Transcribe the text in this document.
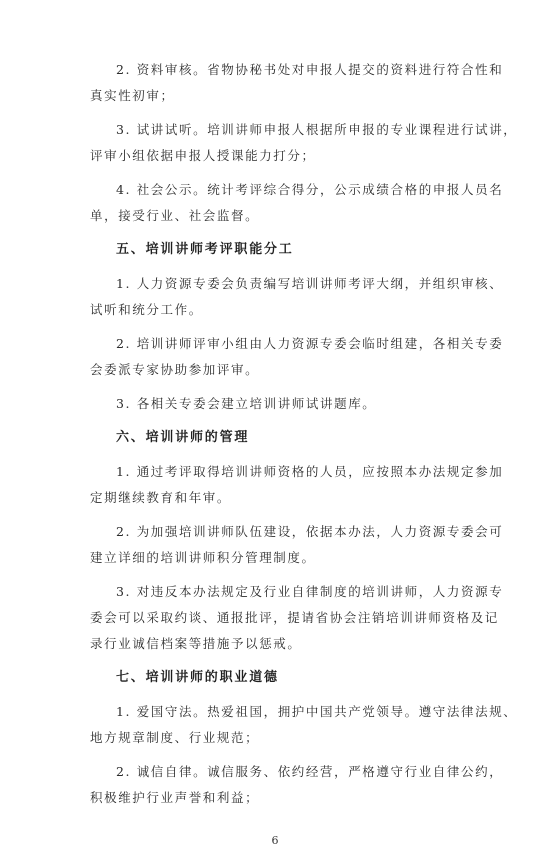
2. 资料审核。省物协秘书处对申报人提交的资料进行符合性和
真实性初审；
3. 试讲试听。培训讲师申报人根据所申报的专业课程进行试讲，
评审小组依据申报人授课能力打分；
4. 社会公示。统计考评综合得分，公示成绩合格的申报人员名
单，接受行业、社会监督。
五、培训讲师考评职能分工
1. 人力资源专委会负责编写培训讲师考评大纲，并组织审核、
试听和统分工作。
2. 培训讲师评审小组由人力资源专委会临时组建，各相关专委
会委派专家协助参加评审。
3. 各相关专委会建立培训讲师试讲题库。
六、培训讲师的管理
1. 通过考评取得培训讲师资格的人员，应按照本办法规定参加
定期继续教育和年审。
2. 为加强培训讲师队伍建设，依据本办法，人力资源专委会可
建立详细的培训讲师积分管理制度。
3. 对违反本办法规定及行业自律制度的培训讲师，人力资源专
委会可以采取约谈、通报批评，提请省协会注销培训讲师资格及记
录行业诚信档案等措施予以惩戒。
七、培训讲师的职业道德
1. 爱国守法。热爱祖国，拥护中国共产党领导。遵守法律法规、
地方规章制度、行业规范；
2. 诚信自律。诚信服务、依约经营，严格遵守行业自律公约，
积极维护行业声誉和利益；
6
